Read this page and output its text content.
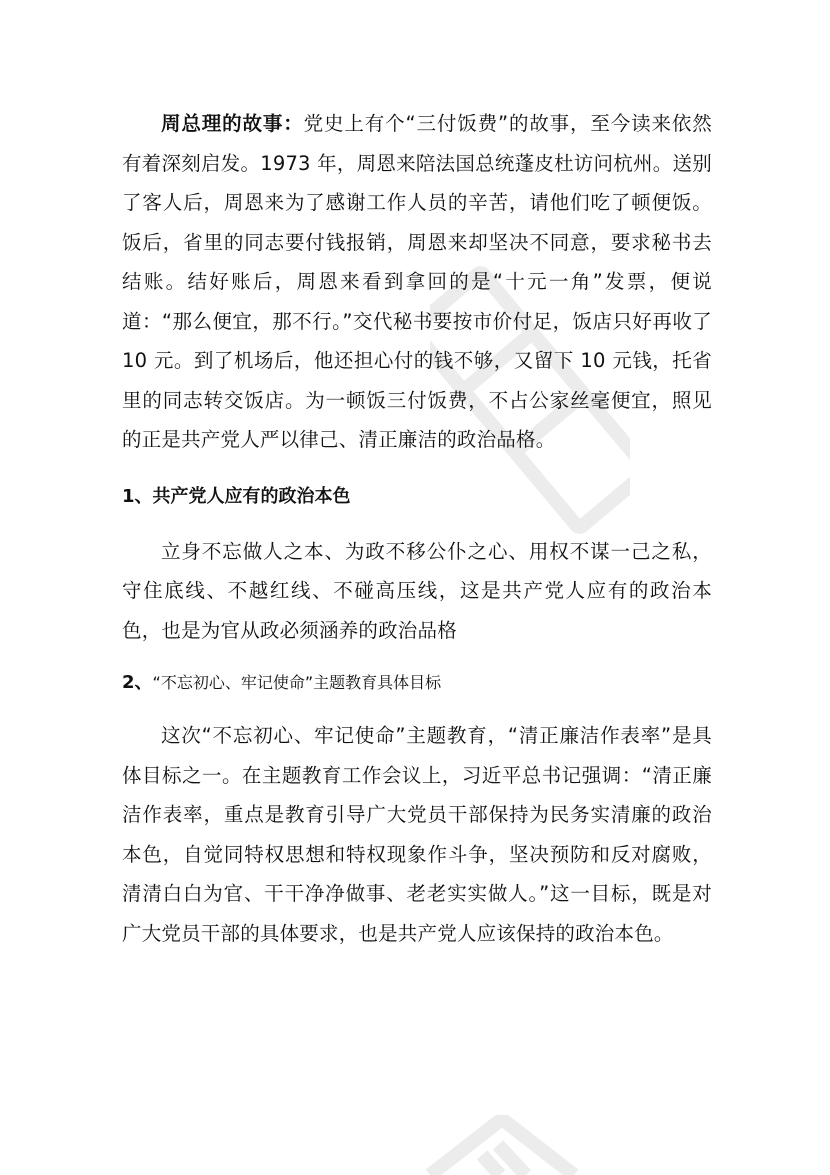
周总理的故事：党史上有个“三付饭费”的故事，至今读来依然有着深刻启发。1973 年，周恩来陪法国总统蓬皮杜访问杭州。送别了客人后，周恩来为了感谢工作人员的辛苦，请他们吃了顿便饭。饭后，省里的同志要付钱报销，周恩来却坚决不同意，要求秘书去结账。结好账后，周恩来看到拿回的是“十元一角”发票，便说道：“那么便宜，那不行。”交代秘书要按市价付足，饭店只好再收了 10 元。到了机场后，他还担心付的钱不够，又留下 10 元钱，托省里的同志转交饭店。为一顿饭三付饭费，不占公家丝毫便宜，照见的正是共产党人严以律己、清正廉洁的政治品格。

1、共产党人应有的政治本色

立身不忘做人之本、为政不移公仆之心、用权不谋一己之私，守住底线、不越红线、不碰高压线，这是共产党人应有的政治本色，也是为官从政必须涵养的政治品格

2、“不忘初心、牢记使命”主题教育具体目标

这次“不忘初心、牢记使命”主题教育，“清正廉洁作表率”是具体目标之一。在主题教育工作会议上，习近平总书记强调：“清正廉洁作表率，重点是教育引导广大党员干部保持为民务实清廉的政治本色，自觉同特权思想和特权现象作斗争，坚决预防和反对腐败，清清白白为官、干干净净做事、老老实实做人。”这一目标，既是对广大党员干部的具体要求，也是共产党人应该保持的政治本色。
